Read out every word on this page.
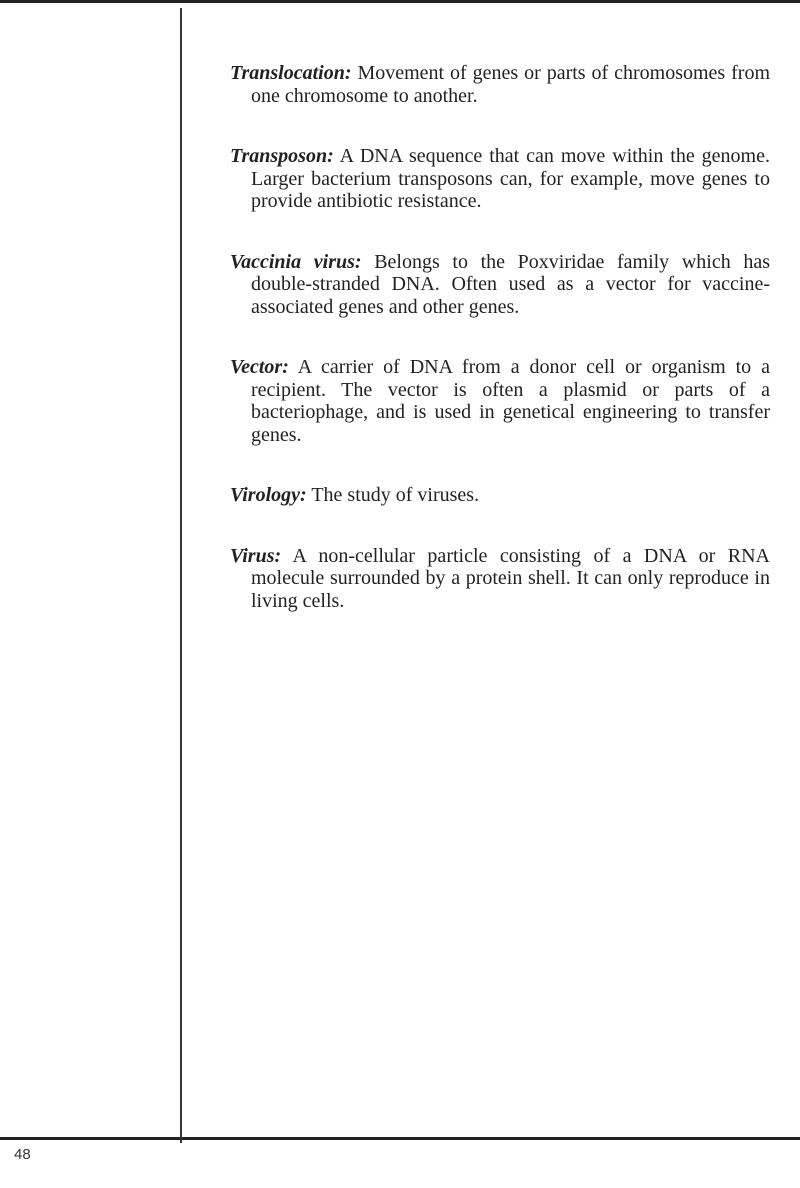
Translocation: Movement of genes or parts of chromosomes from one chromosome to another.

Transposon: A DNA sequence that can move within the genome. Larger bacterium transposons can, for example, move genes to provide antibiotic resistance.

Vaccinia virus: Belongs to the Poxviridae family which has double-stranded DNA. Often used as a vector for vaccine-associated genes and other genes.

Vector: A carrier of DNA from a donor cell or organism to a recipient. The vector is often a plasmid or parts of a bacteriophage, and is used in genetical engineering to transfer genes.

Virology: The study of viruses.

Virus: A non-cellular particle consisting of a DNA or RNA molecule surrounded by a protein shell. It can only reproduce in living cells.

48
